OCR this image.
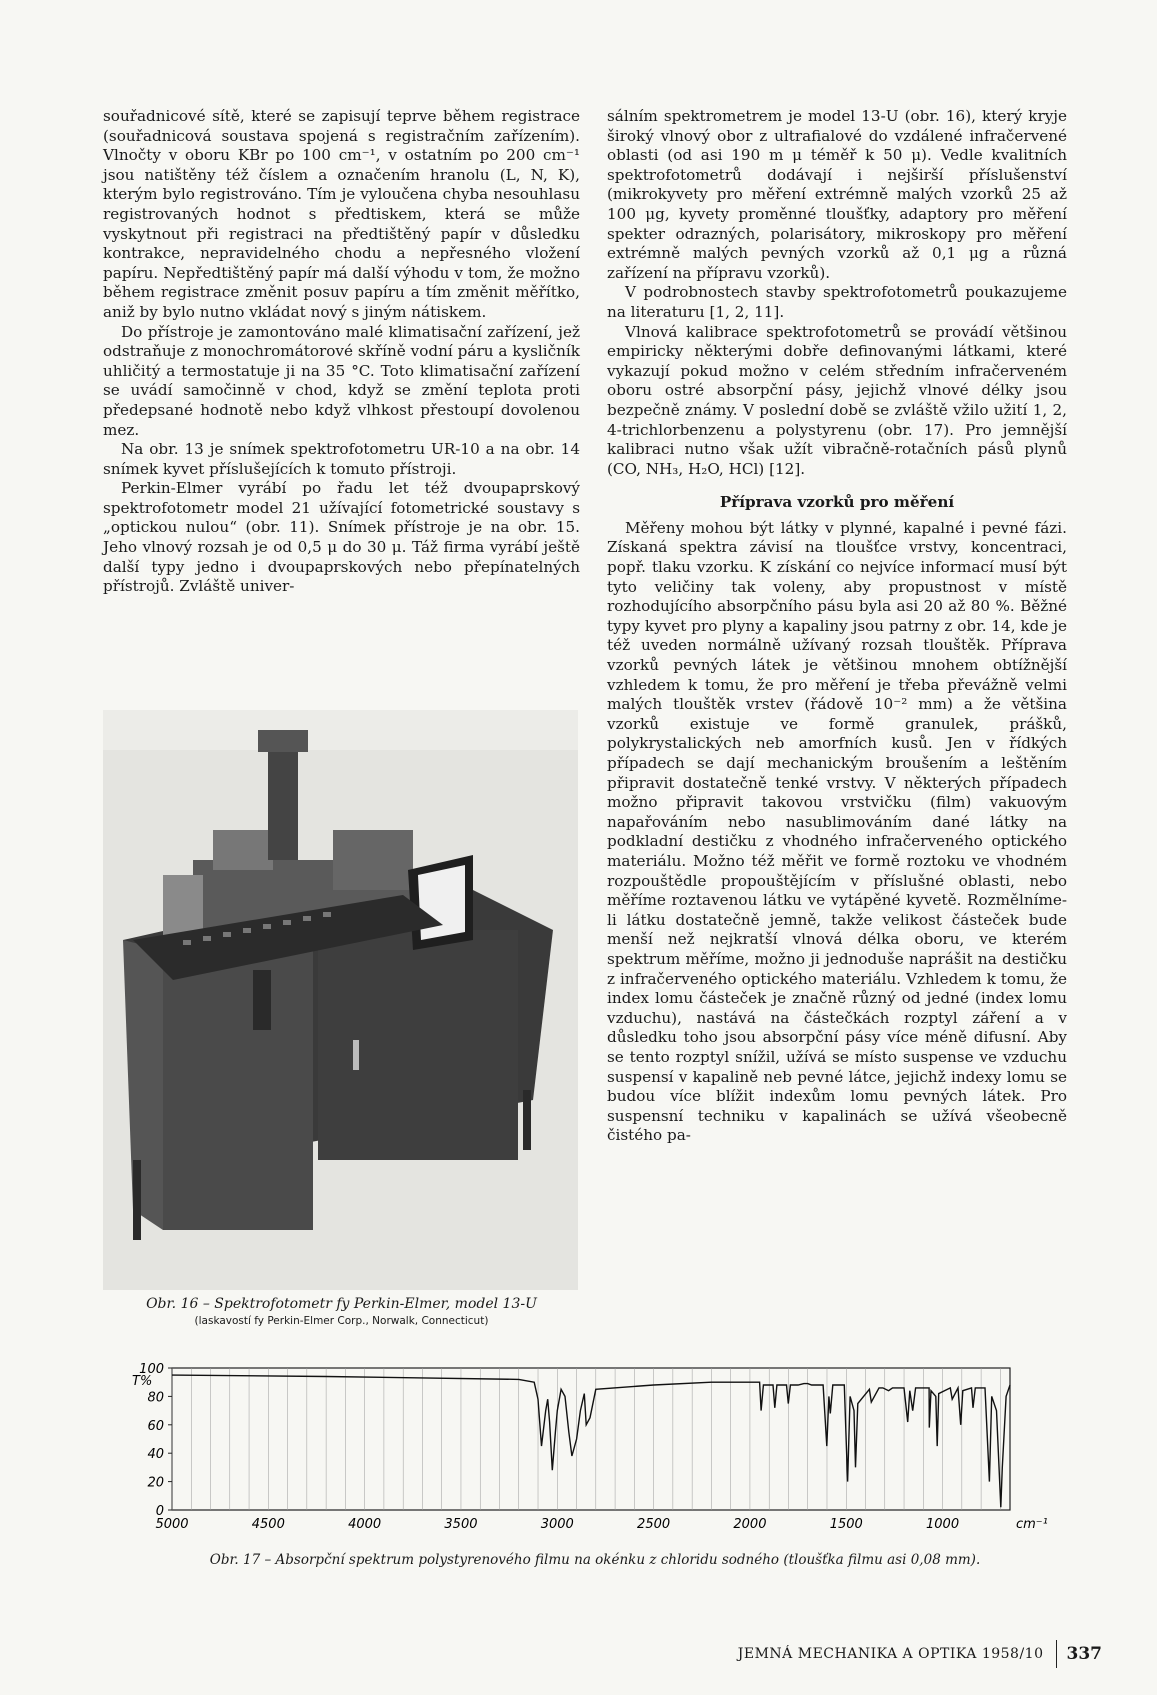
souřadnicové sítě, které se zapisují teprve během registrace (souřadnicová soustava spojená s registračním zařízením). Vlnočty v oboru KBr po 100 cm⁻¹, v ostatním po 200 cm⁻¹ jsou natištěny též číslem a označením hranolu (L, N, K), kterým bylo registrováno. Tím je vyloučena chyba nesouhlasu registrovaných hodnot s předtiskem, která se může vyskytnout při registraci na předtištěný papír v důsledku kontrakce, nepravidelného chodu a nepřesného vložení papíru. Nepředtištěný papír má další výhodu v tom, že možno během registrace změnit posuv papíru a tím změnit měřítko, aniž by bylo nutno vkládat nový s jiným nátiskem.

Do přístroje je zamontováno malé klimatisační zařízení, jež odstraňuje z monochromátorové skříně vodní páru a kysličník uhličitý a termostatuje ji na 35 °C. Toto klimatisační zařízení se uvádí samočinně v chod, když se změní teplota proti předepsané hodnotě nebo když vlhkost přestoupí dovolenou mez.

Na obr. 13 je snímek spektrofotometru UR-10 a na obr. 14 snímek kyvet příslušejících k tomuto přístroji.

Perkin-Elmer vyrábí po řadu let též dvoupaprskový spektrofotometr model 21 užívající fotometrické soustavy s „optickou nulou“ (obr. 11). Snímek přístroje je na obr. 15. Jeho vlnový rozsah je od 0,5 μ do 30 μ. Táž firma vyrábí ještě další typy jedno i dvoupaprskových nebo přepínatelných přístrojů. Zvláště univer-

Obr. 16 – Spektrofotometr fy Perkin-Elmer, model 13-U
(laskavostí fy Perkin-Elmer Corp., Norwalk, Connecticut)

sálním spektrometrem je model 13-U (obr. 16), který kryje široký vlnový obor z ultrafialové do vzdálené infračervené oblasti (od asi 190 m μ téměř k 50 μ). Vedle kvalitních spektrofotometrů dodávají i nejširší příslušenství (mikrokyvety pro měření extrémně malých vzorků 25 až 100 μg, kyvety proměnné tloušťky, adaptory pro měření spekter odrazných, polarisátory, mikroskopy pro měření extrémně malých pevných vzorků až 0,1 μg a různá zařízení na přípravu vzorků).

V podrobnostech stavby spektrofotometrů poukazujeme na literaturu [1, 2, 11].

Vlnová kalibrace spektrofotometrů se provádí většinou empiricky některými dobře definovanými látkami, které vykazují pokud možno v celém středním infračerveném oboru ostré absorpční pásy, jejichž vlnové délky jsou bezpečně známy. V poslední době se zvláště vžilo užití 1, 2, 4-trichlorbenzenu a polystyrenu (obr. 17). Pro jemnější kalibraci nutno však užít vibračně-rotačních pásů plynů (CO, NH₃, H₂O, HCl) [12].

Příprava vzorků pro měření

Měřeny mohou být látky v plynné, kapalné i pevné fázi. Získaná spektra závisí na tloušťce vrstvy, koncentraci, popř. tlaku vzorku. K získání co nejvíce informací musí být tyto veličiny tak voleny, aby propustnost v místě rozhodujícího absorpčního pásu byla asi 20 až 80 %. Běžné typy kyvet pro plyny a kapaliny jsou patrny z obr. 14, kde je též uveden normálně užívaný rozsah tlouštěk. Příprava vzorků pevných látek je většinou mnohem obtížnější vzhledem k tomu, že pro měření je třeba převážně velmi malých tlouštěk vrstev (řádově 10⁻² mm) a že většina vzorků existuje ve formě granulek, prášků, polykrystalických neb amorfních kusů. Jen v řídkých případech se dají mechanickým broušením a leštěním připravit dostatečně tenké vrstvy. V některých případech možno připravit takovou vrstvičku (film) vakuovým napařováním nebo nasublimováním dané látky na podkladní destičku z vhodného infračerveného optického materiálu. Možno též měřit ve formě roztoku ve vhodném rozpouštědle propouštějícím v příslušné oblasti, nebo měříme roztavenou látku ve vytápěné kyvetě. Rozmělníme-li látku dostatečně jemně, takže velikost částeček bude menší než nejkratší vlnová délka oboru, ve kterém spektrum měříme, možno ji jednoduše naprášit na destičku z infračerveného optického materiálu. Vzhledem k tomu, že index lomu částeček je značně různý od jedné (index lomu vzduchu), nastává na částečkách rozptyl záření a v důsledku toho jsou absorpční pásy více méně difusní. Aby se tento rozptyl snížil, užívá se místo suspense ve vzduchu suspensí v kapalině neb pevné látce, jejichž indexy lomu se budou více blížit indexům lomu pevných látek. Pro suspensní techniku v kapalinách se užívá všeobecně čistého pa-

100
80
60
40
20
0
5000	4500	4000	3500	3000	2500	2000	1500	1000
T%
cm⁻¹
Obr. 17 – Absorpční spektrum polystyrenového filmu na okénku z chloridu sodného (tloušťka filmu asi 0,08 mm).
JEMNÁ MECHANIKA A OPTIKA 1958/10 337
